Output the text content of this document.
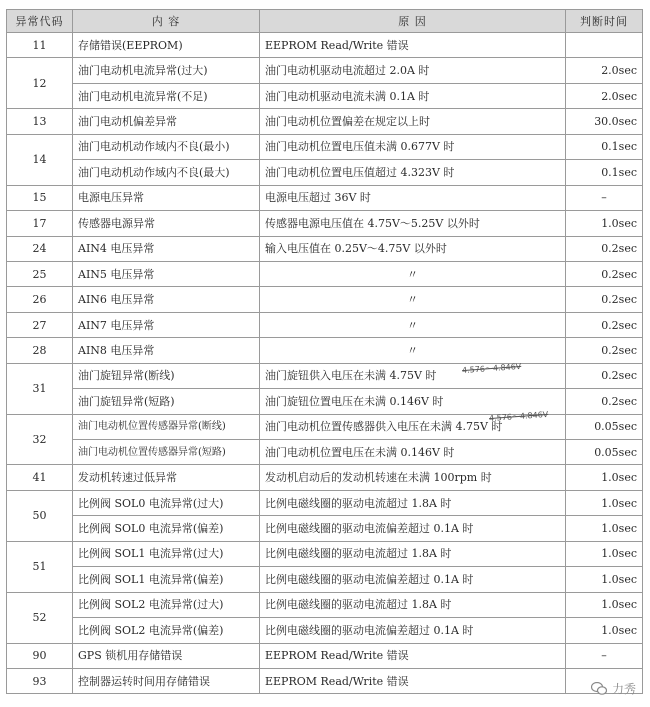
异常代码	内 容	原 因	判断时间
11	存储错误(EEPROM)	EEPROM Read/Write 错误	
12	油门电动机电流异常(过大)	油门电动机驱动电流超过 2.0A 时	2.0sec
	油门电动机电流异常(不足)	油门电动机驱动电流未满 0.1A 时	2.0sec
13	油门电动机偏差异常	油门电动机位置偏差在规定以上时	30.0sec
14	油门电动机动作域内不良(最小)	油门电动机位置电压值未满 0.677V 时	0.1sec
	油门电动机动作域内不良(最大)	油门电动机位置电压值超过 4.323V 时	0.1sec
15	电源电压异常	电源电压超过 36V 时	–
17	传感器电源异常	传感器电源电压值在 4.75V～5.25V 以外时	1.0sec
24	AIN4 电压异常	输入电压值在 0.25V～4.75V 以外时	0.2sec
25	AIN5 电压异常	〃	0.2sec
26	AIN6 电压异常	〃	0.2sec
27	AIN7 电压异常	〃	0.2sec
28	AIN8 电压异常	〃	0.2sec
31	油门旋钮异常(断线)	油门旋钮供入电压在未满 4.75V 时	0.2sec
	油门旋钮异常(短路)	油门旋钮位置电压在未满 0.146V 时	0.2sec
32	油门电动机位置传感器异常(断线)	油门电动机位置传感器供入电压在未满 4.75V 时	0.05sec
	油门电动机位置传感器异常(短路)	油门电动机位置电压在未满 0.146V 时	0.05sec
41	发动机转速过低异常	发动机启动后的发动机转速在未满 100rpm 时	1.0sec
50	比例阀 SOL0 电流异常(过大)	比例电磁线圈的驱动电流超过 1.8A 时	1.0sec
	比例阀 SOL0 电流异常(偏差)	比例电磁线圈的驱动电流偏差超过 0.1A 时	1.0sec
51	比例阀 SOL1 电流异常(过大)	比例电磁线圈的驱动电流超过 1.8A 时	1.0sec
	比例阀 SOL1 电流异常(偏差)	比例电磁线圈的驱动电流偏差超过 0.1A 时	1.0sec
52	比例阀 SOL2 电流异常(过大)	比例电磁线圈的驱动电流超过 1.8A 时	1.0sec
	比例阀 SOL2 电流异常(偏差)	比例电磁线圈的驱动电流偏差超过 0.1A 时	1.0sec
90	GPS 锁机用存储错误	EEPROM Read/Write 错误	–
93	控制器运转时间用存储错误	EEPROM Read/Write 错误	
4.576～4.846V
4.576～4.846V
力秀
